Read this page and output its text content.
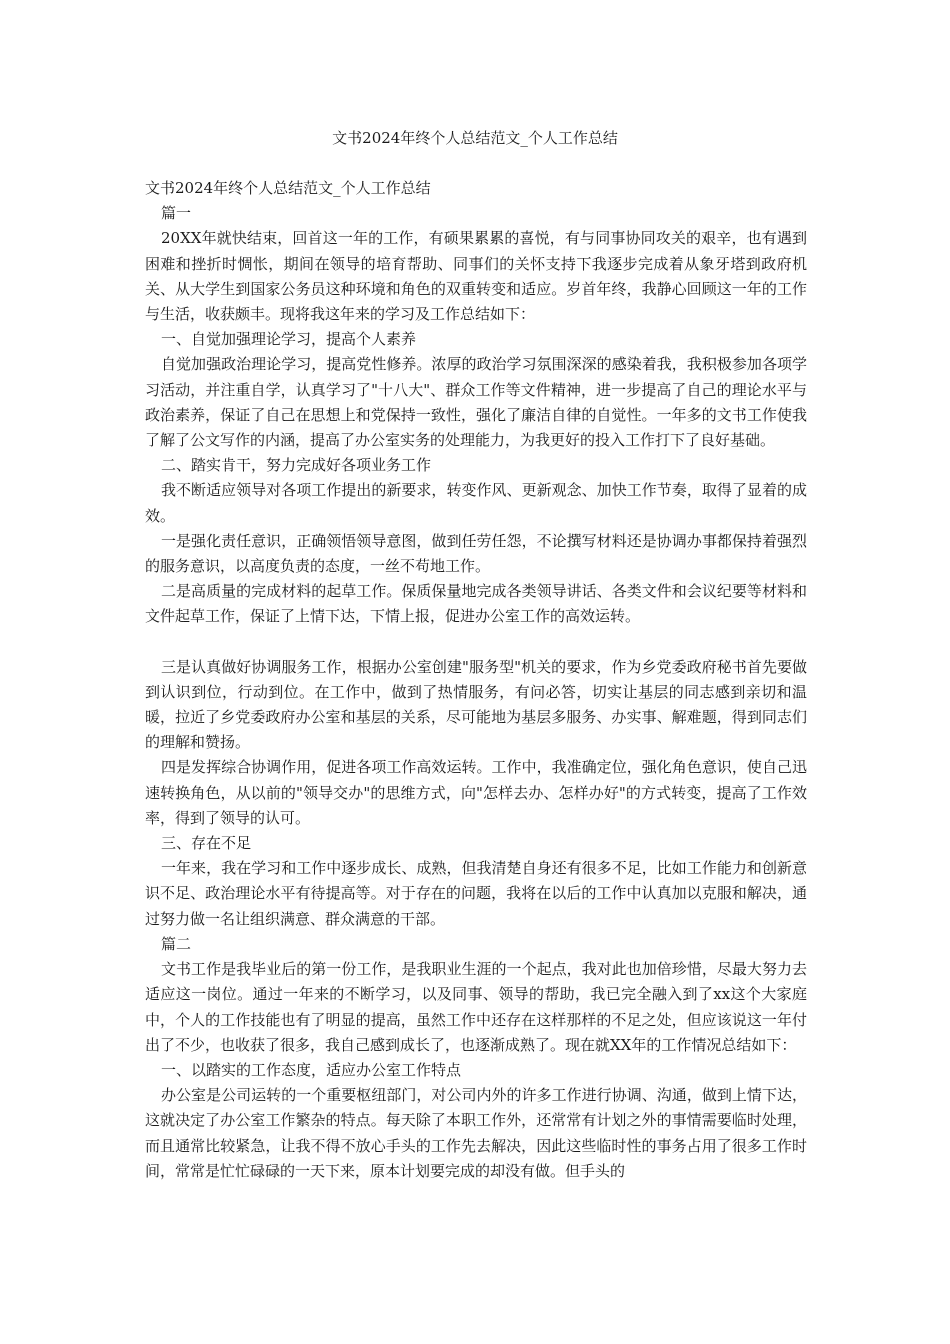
文书2024年终个人总结范文_个人工作总结

文书2024年终个人总结范文_个人工作总结

篇一

20XX年就快结束，回首这一年的工作，有硕果累累的喜悦，有与同事协同攻关的艰辛，也有遇到困难和挫折时惆怅，期间在领导的培育帮助、同事们的关怀支持下我逐步完成着从象牙塔到政府机关、从大学生到国家公务员这种环境和角色的双重转变和适应。岁首年终，我静心回顾这一年的工作与生活，收获颇丰。现将我这年来的学习及工作总结如下：

一、自觉加强理论学习，提高个人素养

自觉加强政治理论学习，提高党性修养。浓厚的政治学习氛围深深的感染着我，我积极参加各项学习活动，并注重自学，认真学习了"十八大"、群众工作等文件精神，进一步提高了自己的理论水平与政治素养，保证了自己在思想上和党保持一致性，强化了廉洁自律的自觉性。一年多的文书工作使我了解了公文写作的内涵，提高了办公室实务的处理能力，为我更好的投入工作打下了良好基础。

二、踏实肯干，努力完成好各项业务工作

我不断适应领导对各项工作提出的新要求，转变作风、更新观念、加快工作节奏，取得了显着的成效。

一是强化责任意识，正确领悟领导意图，做到任劳任怨，不论撰写材料还是协调办事都保持着强烈的服务意识，以高度负责的态度，一丝不苟地工作。

二是高质量的完成材料的起草工作。保质保量地完成各类领导讲话、各类文件和会议纪要等材料和文件起草工作，保证了上情下达，下情上报，促进办公室工作的高效运转。

三是认真做好协调服务工作，根据办公室创建"服务型"机关的要求，作为乡党委政府秘书首先要做到认识到位，行动到位。在工作中，做到了热情服务，有问必答，切实让基层的同志感到亲切和温暖，拉近了乡党委政府办公室和基层的关系，尽可能地为基层多服务、办实事、解难题，得到同志们的理解和赞扬。

四是发挥综合协调作用，促进各项工作高效运转。工作中，我准确定位，强化角色意识，使自己迅速转换角色，从以前的"领导交办"的思维方式，向"怎样去办、怎样办好"的方式转变，提高了工作效率，得到了领导的认可。

三、存在不足

一年来，我在学习和工作中逐步成长、成熟，但我清楚自身还有很多不足，比如工作能力和创新意识不足、政治理论水平有待提高等。对于存在的问题，我将在以后的工作中认真加以克服和解决，通过努力做一名让组织满意、群众满意的干部。

篇二

文书工作是我毕业后的第一份工作，是我职业生涯的一个起点，我对此也加倍珍惜，尽最大努力去适应这一岗位。通过一年来的不断学习，以及同事、领导的帮助，我已完全融入到了xx这个大家庭中，个人的工作技能也有了明显的提高，虽然工作中还存在这样那样的不足之处，但应该说这一年付出了不少，也收获了很多，我自己感到成长了，也逐渐成熟了。现在就XX年的工作情况总结如下：

一、以踏实的工作态度，适应办公室工作特点

办公室是公司运转的一个重要枢纽部门，对公司内外的许多工作进行协调、沟通，做到上情下达，这就决定了办公室工作繁杂的特点。每天除了本职工作外，还常常有计划之外的事情需要临时处理，而且通常比较紧急，让我不得不放心手头的工作先去解决，因此这些临时性的事务占用了很多工作时间，常常是忙忙碌碌的一天下来，原本计划要完成的却没有做。但手头的
